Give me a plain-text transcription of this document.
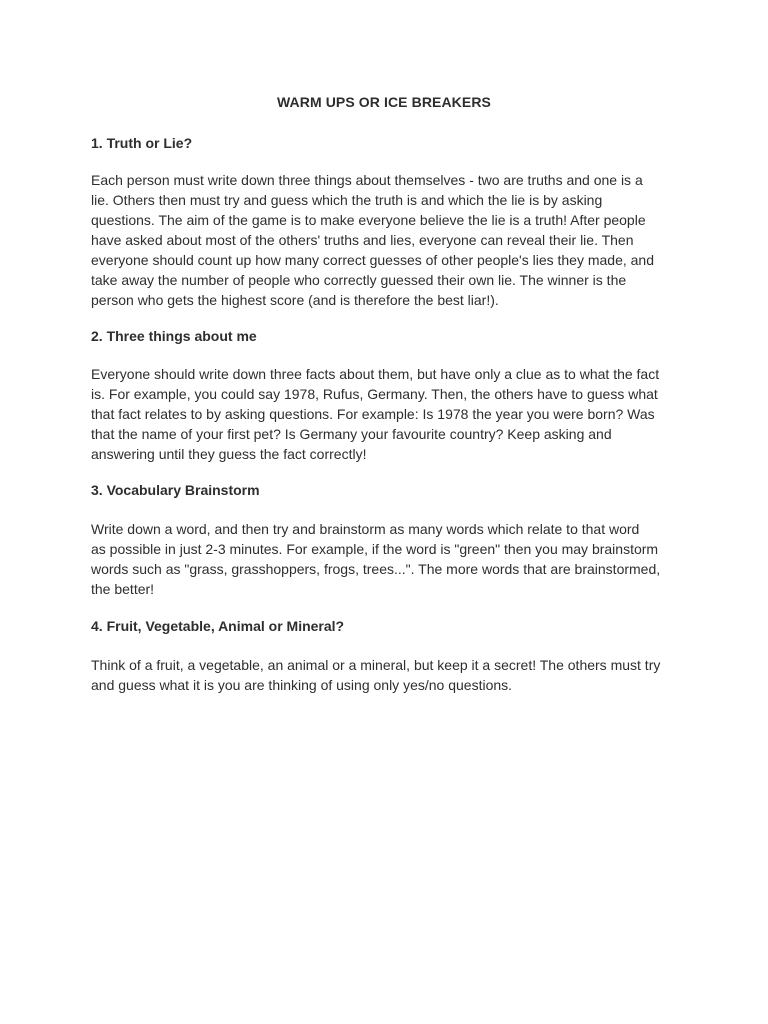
WARM UPS OR ICE BREAKERS
1. Truth or Lie?
Each person must write down three things about themselves - two are truths and one is a
lie. Others then must try and guess which the truth is and which the lie is by asking
questions. The aim of the game is to make everyone believe the lie is a truth! After people
have asked about most of the others' truths and lies, everyone can reveal their lie. Then
everyone should count up how many correct guesses of other people's lies they made, and
take away the number of people who correctly guessed their own lie. The winner is the
person who gets the highest score (and is therefore the best liar!).
2. Three things about me
Everyone should write down three facts about them, but have only a clue as to what the fact
is. For example, you could say 1978, Rufus, Germany. Then, the others have to guess what
that fact relates to by asking questions. For example: Is 1978 the year you were born? Was
that the name of your first pet? Is Germany your favourite country? Keep asking and
answering until they guess the fact correctly!
3. Vocabulary Brainstorm
Write down a word, and then try and brainstorm as many words which relate to that word
as possible in just 2-3 minutes. For example, if the word is "green" then you may brainstorm
words such as "grass, grasshoppers, frogs, trees...". The more words that are brainstormed,
the better!
4. Fruit, Vegetable, Animal or Mineral?
Think of a fruit, a vegetable, an animal or a mineral, but keep it a secret! The others must try
and guess what it is you are thinking of using only yes/no questions.
